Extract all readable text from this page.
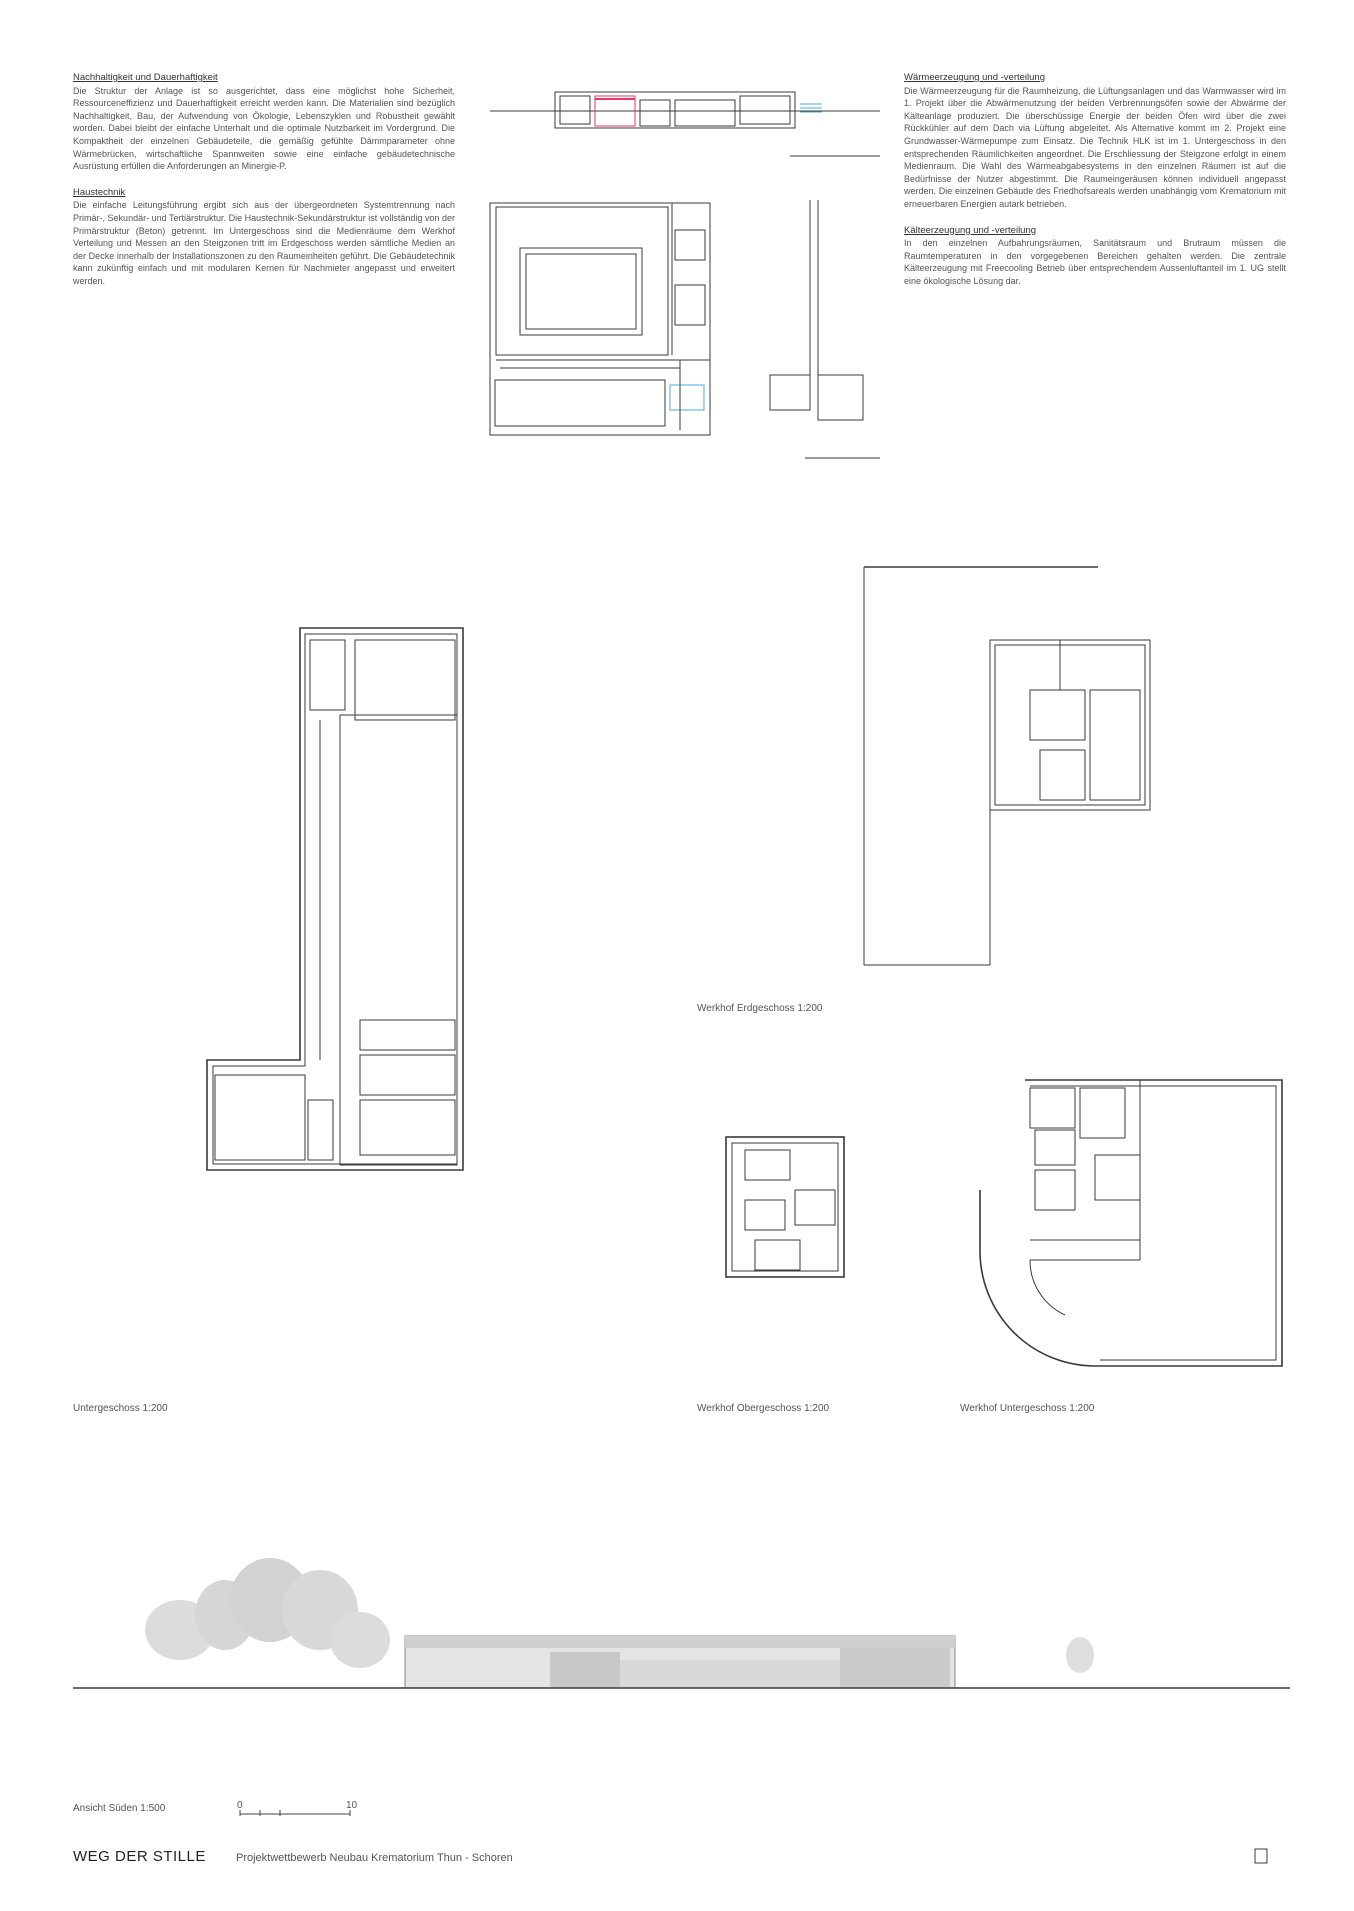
Nachhaltigkeit und Dauerhaftigkeit

Die Struktur der Anlage ist so ausgerichtet, dass eine möglichst hohe Sicherheit, Ressourceneffizienz und Dauerhaftigkeit erreicht werden kann. Die Materialien sind bezüglich Nachhaltigkeit, Bau, der Aufwendung von Ökologie, Lebenszyklen und Robustheit gewählt worden. Dabei bleibt der einfache Unterhalt und die optimale Nutzbarkeit im Vordergrund. Die Kompaktheit der einzelnen Gebäudeteile, die gemäßig gefühlte Dämmparameter ohne Wärmebrücken, wirtschaftliche Spannweiten sowie eine einfache gebäudetechnische Ausrüstung erfüllen die Anforderungen an Minergie-P.

Haustechnik

Die einfache Leitungsführung ergibt sich aus der übergeordneten Systemtrennung nach Primär-, Sekundär- und Tertiärstruktur. Die Haustechnik-Sekundärstruktur ist vollständig von der Primärstruktur (Beton) getrennt. Im Untergeschoss sind die Medienräume dem Werkhof Verteilung und Messen an den Steigzonen tritt im Erdgeschoss werden sämtliche Medien an der Decke innerhalb der Installationszonen zu den Raumeinheiten geführt. Die Gebäudetechnik kann zukünftig einfach und mit modularen Kernen für Nachmieter angepasst und erweitert werden.

Wärmeerzeugung und -verteilung

Die Wärmeerzeugung für die Raumheizung, die Lüftungsanlagen und das Warmwasser wird im 1. Projekt über die Abwärmenutzung der beiden Verbrennungsöfen sowie der Abwärme der Kälteanlage produziert. Die überschüssige Energie der beiden Öfen wird über die zwei Rückkühler auf dem Dach via Lüftung abgeleitet. Als Alternative kommt im 2. Projekt eine Grundwasser-Wärmepumpe zum Einsatz. Die Technik HLK ist im 1. Untergeschoss in den entsprechenden Räumlichkeiten angeordnet. Die Erschliessung der Steigzone erfolgt in einem Medienraum. Die Wahl des Wärmeabgabesystems in den einzelnen Räumen ist auf die Bedürfnisse der Nutzer abgestimmt. Die Raumeingeräusen können individuell angepasst werden. Die einzelnen Gebäude des Friedhofsareals werden unabhängig vom Krematorium mit erneuerbaren Energien autark betrieben.

Kälteerzeugung und -verteilung

In den einzelnen Aufbahrungsräumen, Sanitätsraum und Brutraum müssen die Raumtemperaturen in den vorgegebenen Bereichen gehalten werden. Die zentrale Kälteerzeugung mit Freecooling Betrieb über entsprechendem Aussenluftanteil im 1. UG stellt eine ökologische Lösung dar.

0	10
Werkhof Erdgeschoss 1:200
Untergeschoss 1:200	Werkhof Obergeschoss 1:200	Werkhof Untergeschoss 1:200
Ansicht Süden 1:500
WEG DER STILLE	Projektwettbewerb Neubau Krematorium Thun - Schoren
